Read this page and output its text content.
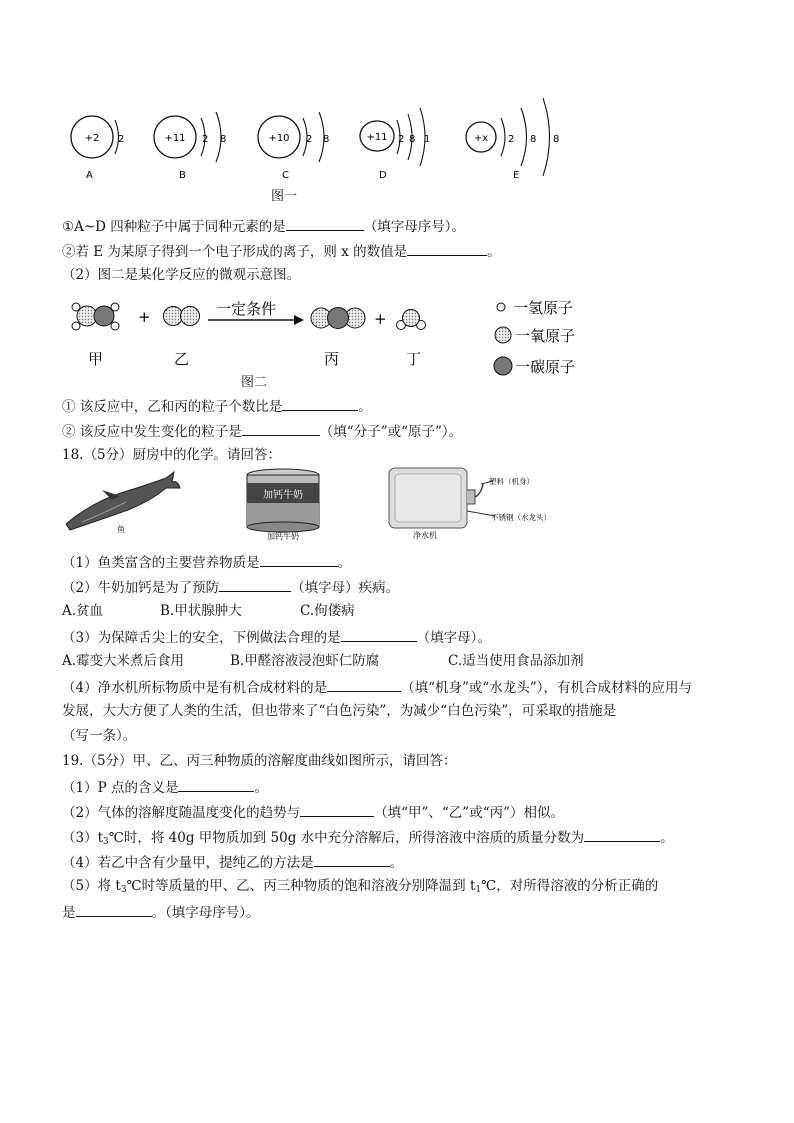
+2 2
A
+11 2 8
B
+10 2 8
C
+11 2 8 1
D
+x 2 8 8
E
图一
①A~D 四种粒子中属于同种元素的是	（填字母序号）。
②若 E 为某原子得到一个电子形成的离子，则 x 的数值是	。
（2）图二是某化学反应的微观示意图。
+	一定条件
+
甲	乙	丙	丁
一氢原子
一氧原子
一碳原子
图二
① 该反应中，乙和丙的粒子个数比是	。
② 该反应中发生变化的粒子是	（填“分子”或“原子”）。
18.（5分）厨房中的化学。请回答：
鱼
加钙牛奶
加钙牛奶
塑料（机身）
不锈钢（水龙头）
净水机
（1）鱼类富含的主要营养物质是	。
（2）牛奶加钙是为了预防	（填字母）疾病。
A.贫血	B.甲状腺肿大	C.佝偻病
（3）为保障舌尖上的安全，下例做法合理的是	（填字母）。
A.霉变大米煮后食用	B.甲醛溶液浸泡虾仁防腐	C.适当使用食品添加剂
（4）净水机所标物质中是有机合成材料的是	（填“机身”或“水龙头”），有机合成材料的应用与
发展，大大方便了人类的生活，但也带来了“白色污染”，为减少“白色污染”，可采取的措施是
（写一条）。
19.（5分）甲、乙、丙三种物质的溶解度曲线如图所示，请回答：
（1）P 点的含义是	。
（2）气体的溶解度随温度变化的趋势与	（填“甲”、“乙”或“丙”）相似。
$(3)t_3℃$时，将 40g 甲物质加到 50g 水中充分溶解后，所得溶液中溶质的质量分数为	。
（4）若乙中含有少量甲，提纯乙的方法是	。
（5）将 $t_3℃$时等质量的甲、乙、丙三种物质的饱和溶液分别降温到 $t_1℃$，对所得溶液的分析正确的
是	。（填字母序号）。
